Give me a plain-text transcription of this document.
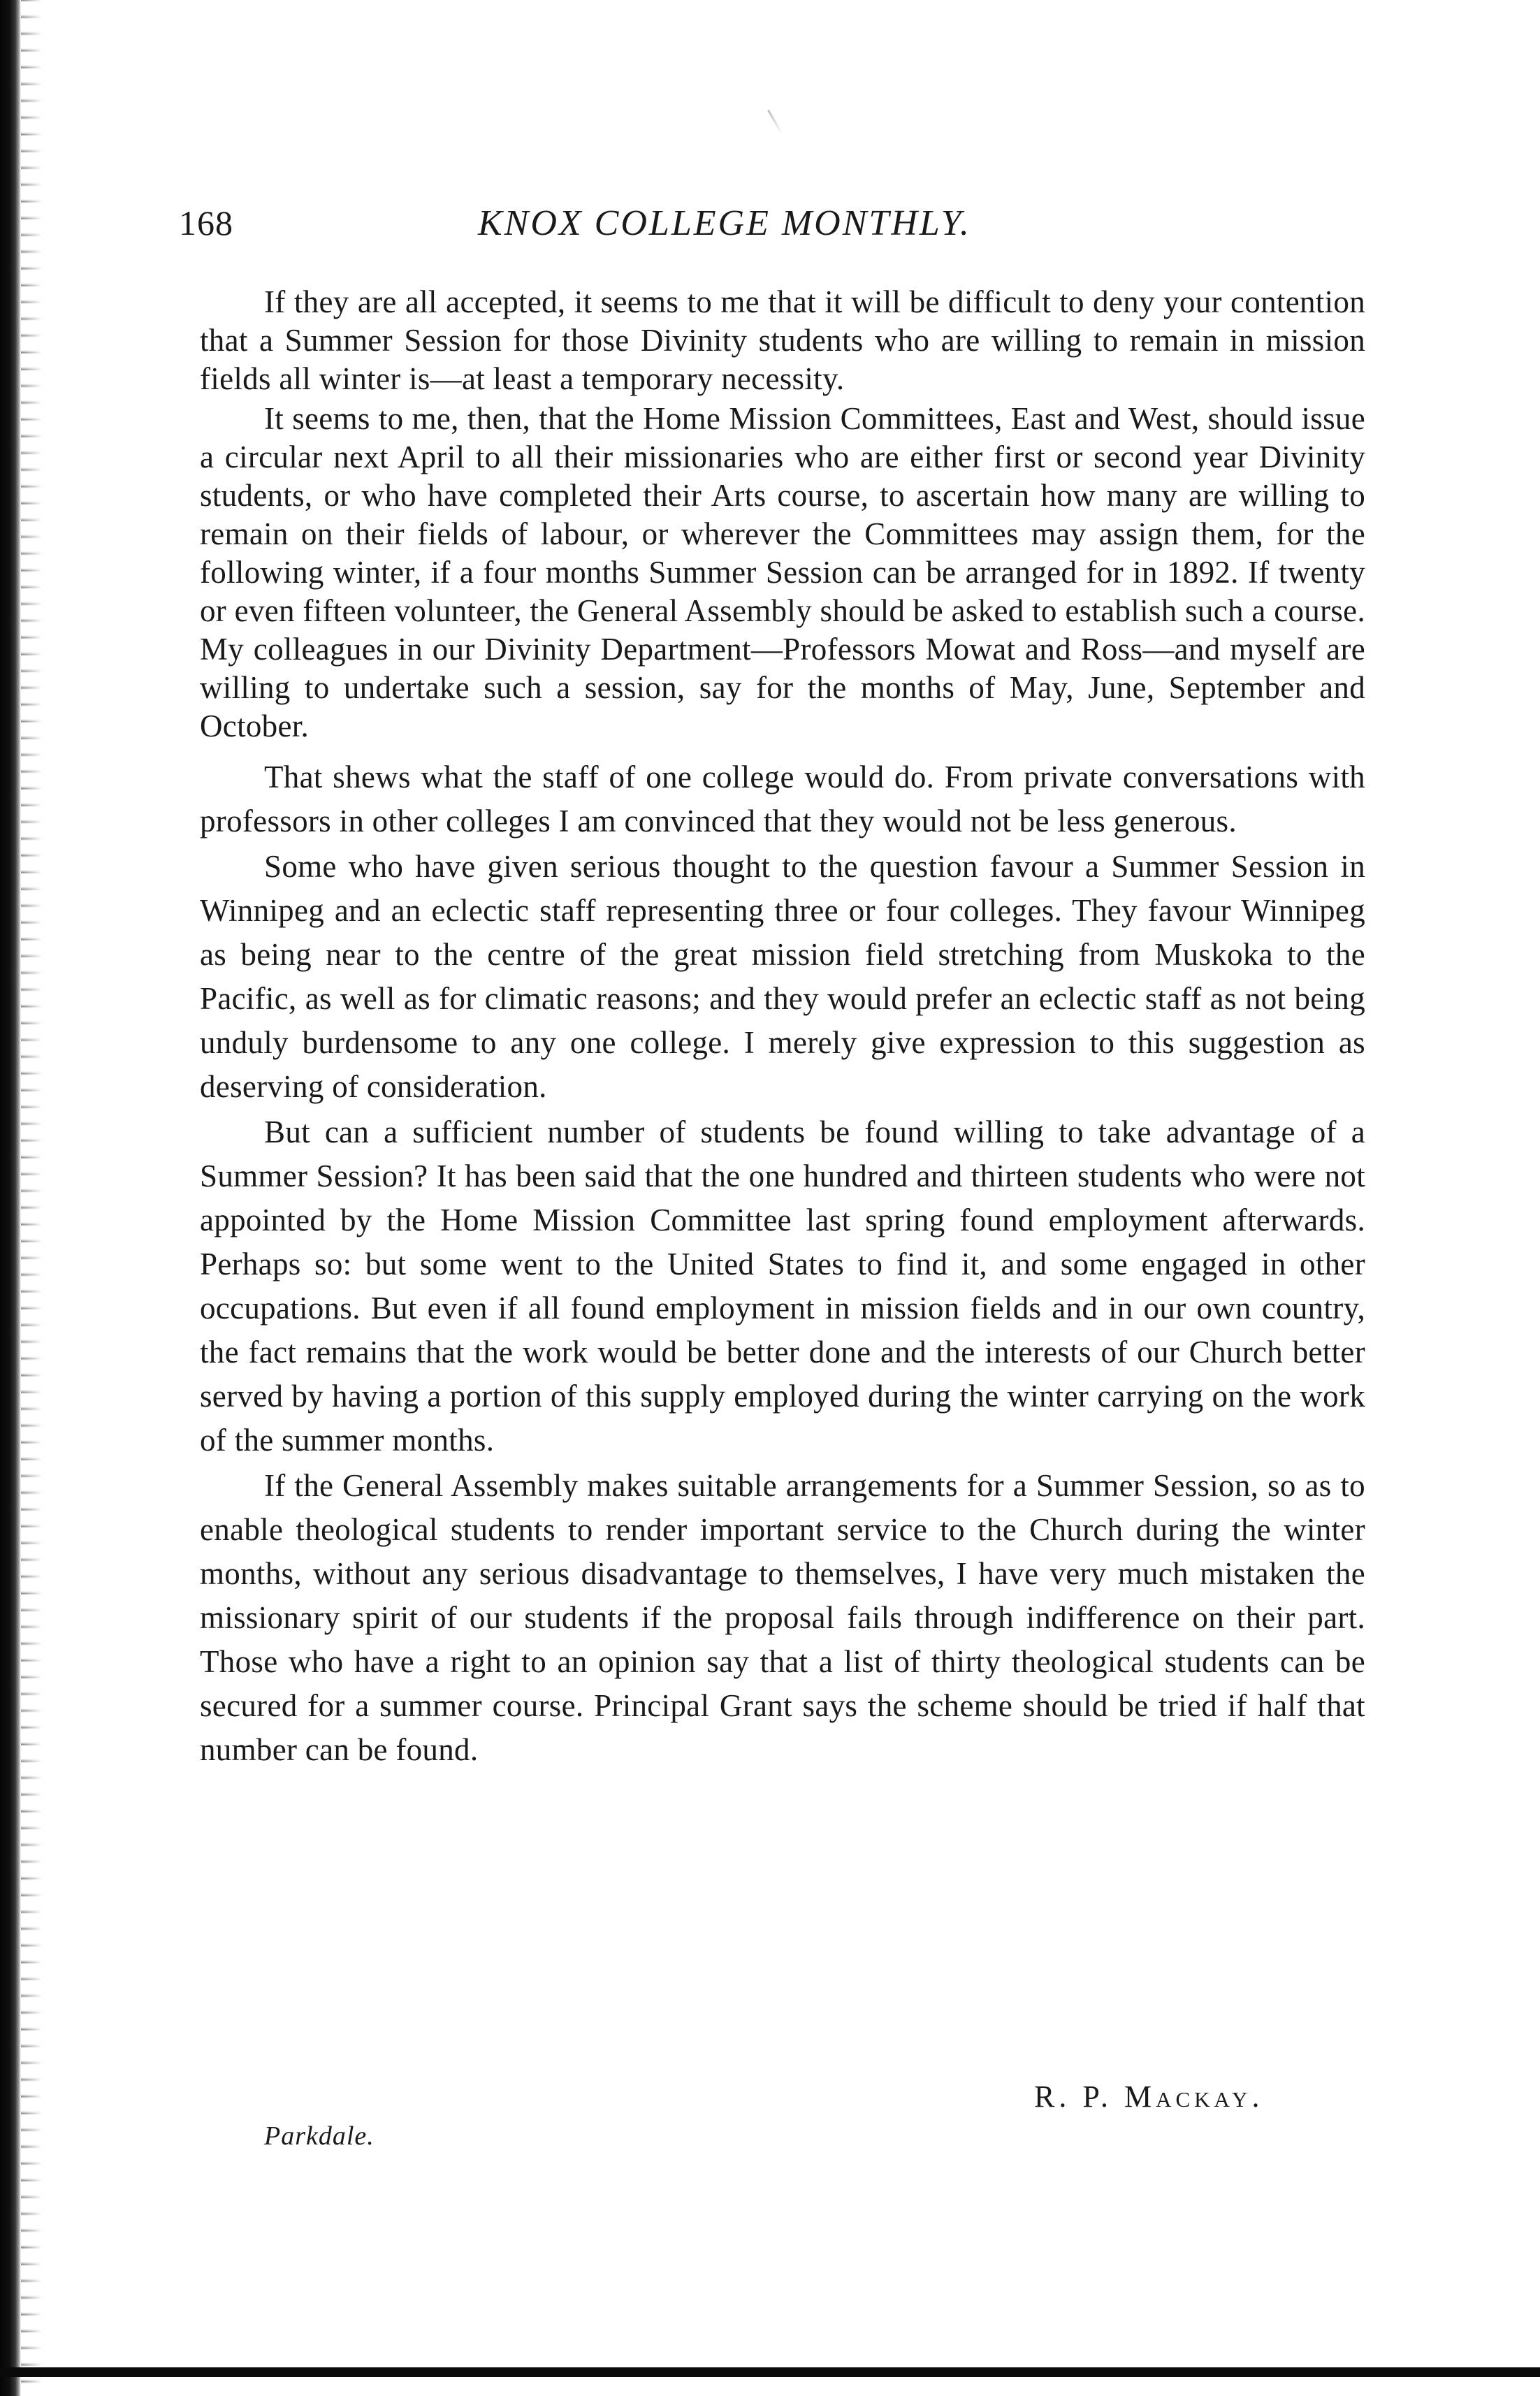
168	KNOX COLLEGE MONTHLY.

If they are all accepted, it seems to me that it will be difficult to deny your contention that a Summer Session for those Divinity students who are willing to remain in mission fields all winter is—at least a temporary necessity.

It seems to me, then, that the Home Mission Committees, East and West, should issue a circular next April to all their missionaries who are either first or second year Divinity students, or who have completed their Arts course, to ascertain how many are willing to remain on their fields of labour, or wherever the Committees may assign them, for the following winter, if a four months Summer Session can be arranged for in 1892. If twenty or even fifteen volunteer, the General Assembly should be asked to establish such a course. My colleagues in our Divinity Department—Professors Mowat and Ross—and myself are willing to undertake such a session, say for the months of May, June, September and October.

That shews what the staff of one college would do. From private conversations with professors in other colleges I am convinced that they would not be less generous.

Some who have given serious thought to the question favour a Summer Session in Winnipeg and an eclectic staff representing three or four colleges. They favour Winnipeg as being near to the centre of the great mission field stretching from Muskoka to the Pacific, as well as for climatic reasons; and they would prefer an eclectic staff as not being unduly burdensome to any one college. I merely give expression to this suggestion as deserving of consideration.

But can a sufficient number of students be found willing to take advantage of a Summer Session? It has been said that the one hundred and thirteen students who were not appointed by the Home Mission Committee last spring found employment afterwards. Perhaps so: but some went to the United States to find it, and some engaged in other occupations. But even if all found employment in mission fields and in our own country, the fact remains that the work would be better done and the interests of our Church better served by having a portion of this supply employed during the winter carrying on the work of the summer months.

If the General Assembly makes suitable arrangements for a Summer Session, so as to enable theological students to render important service to the Church during the winter months, without any serious disadvantage to themselves, I have very much mistaken the missionary spirit of our students if the proposal fails through indifference on their part. Those who have a right to an opinion say that a list of thirty theological students can be secured for a summer course. Principal Grant says the scheme should be tried if half that number can be found.

R. P. Mackay.
Parkdale.
